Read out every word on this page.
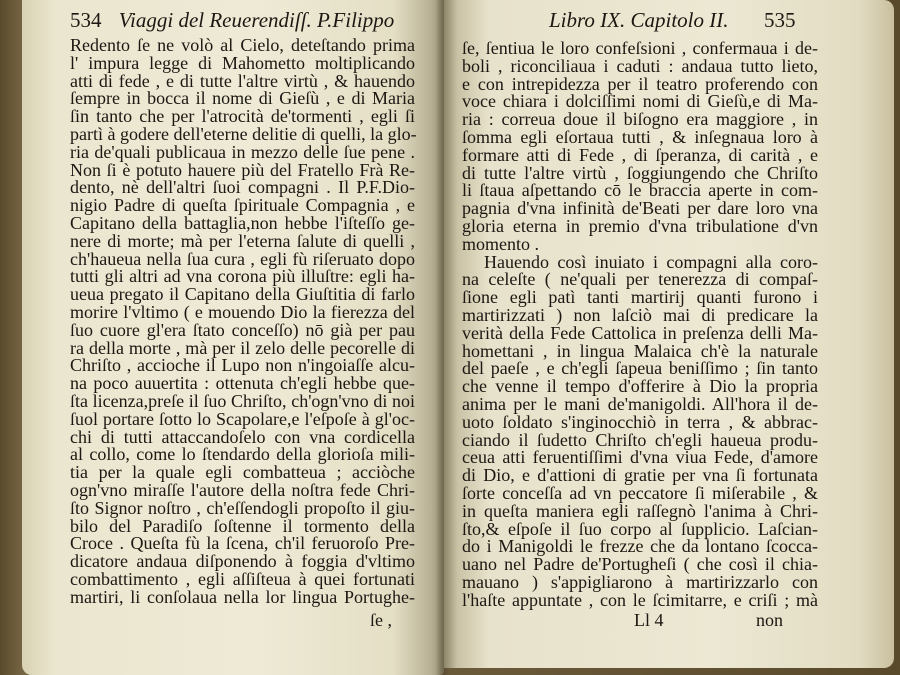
534 Viaggi del Reuerendiſſ. P.Filippo
Redento ſe ne volò al Cielo, deteſtando prima
l' impura legge di Mahometto moltiplicando
atti di fede , e di tutte l'altre virtù , & hauendo
ſempre in bocca il nome di Gieſù , e di Maria
ſin tanto che per l'atrocità de'tormenti , egli ſi
partì à godere dell'eterne delitie di quelli, la glo-
ria de'quali publicaua in mezzo delle ſue pene .
Non ſi è potuto hauere più del Fratello Frà Re-
dento, nè dell'altri ſuoi compagni . Il P.F.Dio-
nigio Padre di queſta ſpirituale Compagnia , e
Capitano della battaglia,non hebbe l'iſteſſo ge-
nere di morte; mà per l'eterna ſalute di quelli ,
ch'haueua nella ſua cura , egli fù riſeruato dopo
tutti gli altri ad vna corona più illuſtre: egli ha-
ueua pregato il Capitano della Giuſtitia di farlo
morire l'vltimo ( e mouendo Dio la fierezza del
ſuo cuore gl'era ſtato conceſſo) nō già per pau
ra della morte , mà per il zelo delle pecorelle di
Chriſto , accioche il Lupo non n'ingoiaſſe alcu-
na poco auuertita : ottenuta ch'egli hebbe que-
ſta licenza,preſe il ſuo Chriſto, ch'ogn'vno di noi
ſuol portare ſotto lo Scapolare,e l'eſpoſe à gl'oc-
chi di tutti attaccandoſelo con vna cordicella
al collo, come lo ſtendardo della glorioſa mili-
tia per la quale egli combatteua ; acciòche
ogn'vno miraſſe l'autore della noſtra fede Chri-
ſto Signor noſtro , ch'eſſendogli propoſto il giu-
bilo del Paradiſo ſoſtenne il tormento della
Croce . Queſta fù la ſcena, ch'il feruoroſo Pre-
dicatore andaua diſponendo à foggia d'vltimo
combattimento , egli aſſiſteua à quei fortunati
martiri, li conſolaua nella lor lingua Portughe-
ſe ,
Libro IX. Capitolo II. 535
ſe, ſentiua le loro confeſsioni , confermaua i de-
boli , riconciliaua i caduti : andaua tutto lieto,
e con intrepidezza per il teatro proferendo con
voce chiara i dolciſſimi nomi di Gieſù,e di Ma-
ria : correua doue il biſogno era maggiore , in
ſomma egli eſortaua tutti , & inſegnaua loro à
formare atti di Fede , di ſperanza, di carità , e
di tutte l'altre virtù , ſoggiungendo che Chriſto
li ſtaua aſpettando cō le braccia aperte in com-
pagnia d'vna infinità de'Beati per dare loro vna
gloria eterna in premio d'vna tribulatione d'vn
momento .
Hauendo così inuiato i compagni alla coro-
na celeſte ( ne'quali per tenerezza di compaſ-
ſione egli patì tanti martirij quanti furono i
martirizzati ) non laſciò mai di predicare la
verità della Fede Cattolica in preſenza delli Ma-
homettani , in lingua Malaica ch'è la naturale
del paeſe , e ch'egli ſapeua beniſſimo ; ſin tanto
che venne il tempo d'offerire à Dio la propria
anima per le mani de'manigoldi. All'hora il de-
uoto ſoldato s'inginocchiò in terra , & abbrac-
ciando il ſudetto Chriſto ch'egli haueua produ-
ceua atti feruentiſſimi d'vna viua Fede, d'amore
di Dio, e d'attioni di gratie per vna ſi fortunata
ſorte conceſſa ad vn peccatore ſi miſerabile , &
in queſta maniera egli raſſegnò l'anima à Chri-
ſto,& eſpoſe il ſuo corpo al ſupplicio. Laſcian-
do i Manigoldi le frezze che da lontano ſcocca-
uano nel Padre de'Portugheſi ( che così il chia-
mauano ) s'appigliarono à martirizzarlo con
l'haſte appuntate , con le ſcimitarre, e criſi ; mà
Ll 4	non
